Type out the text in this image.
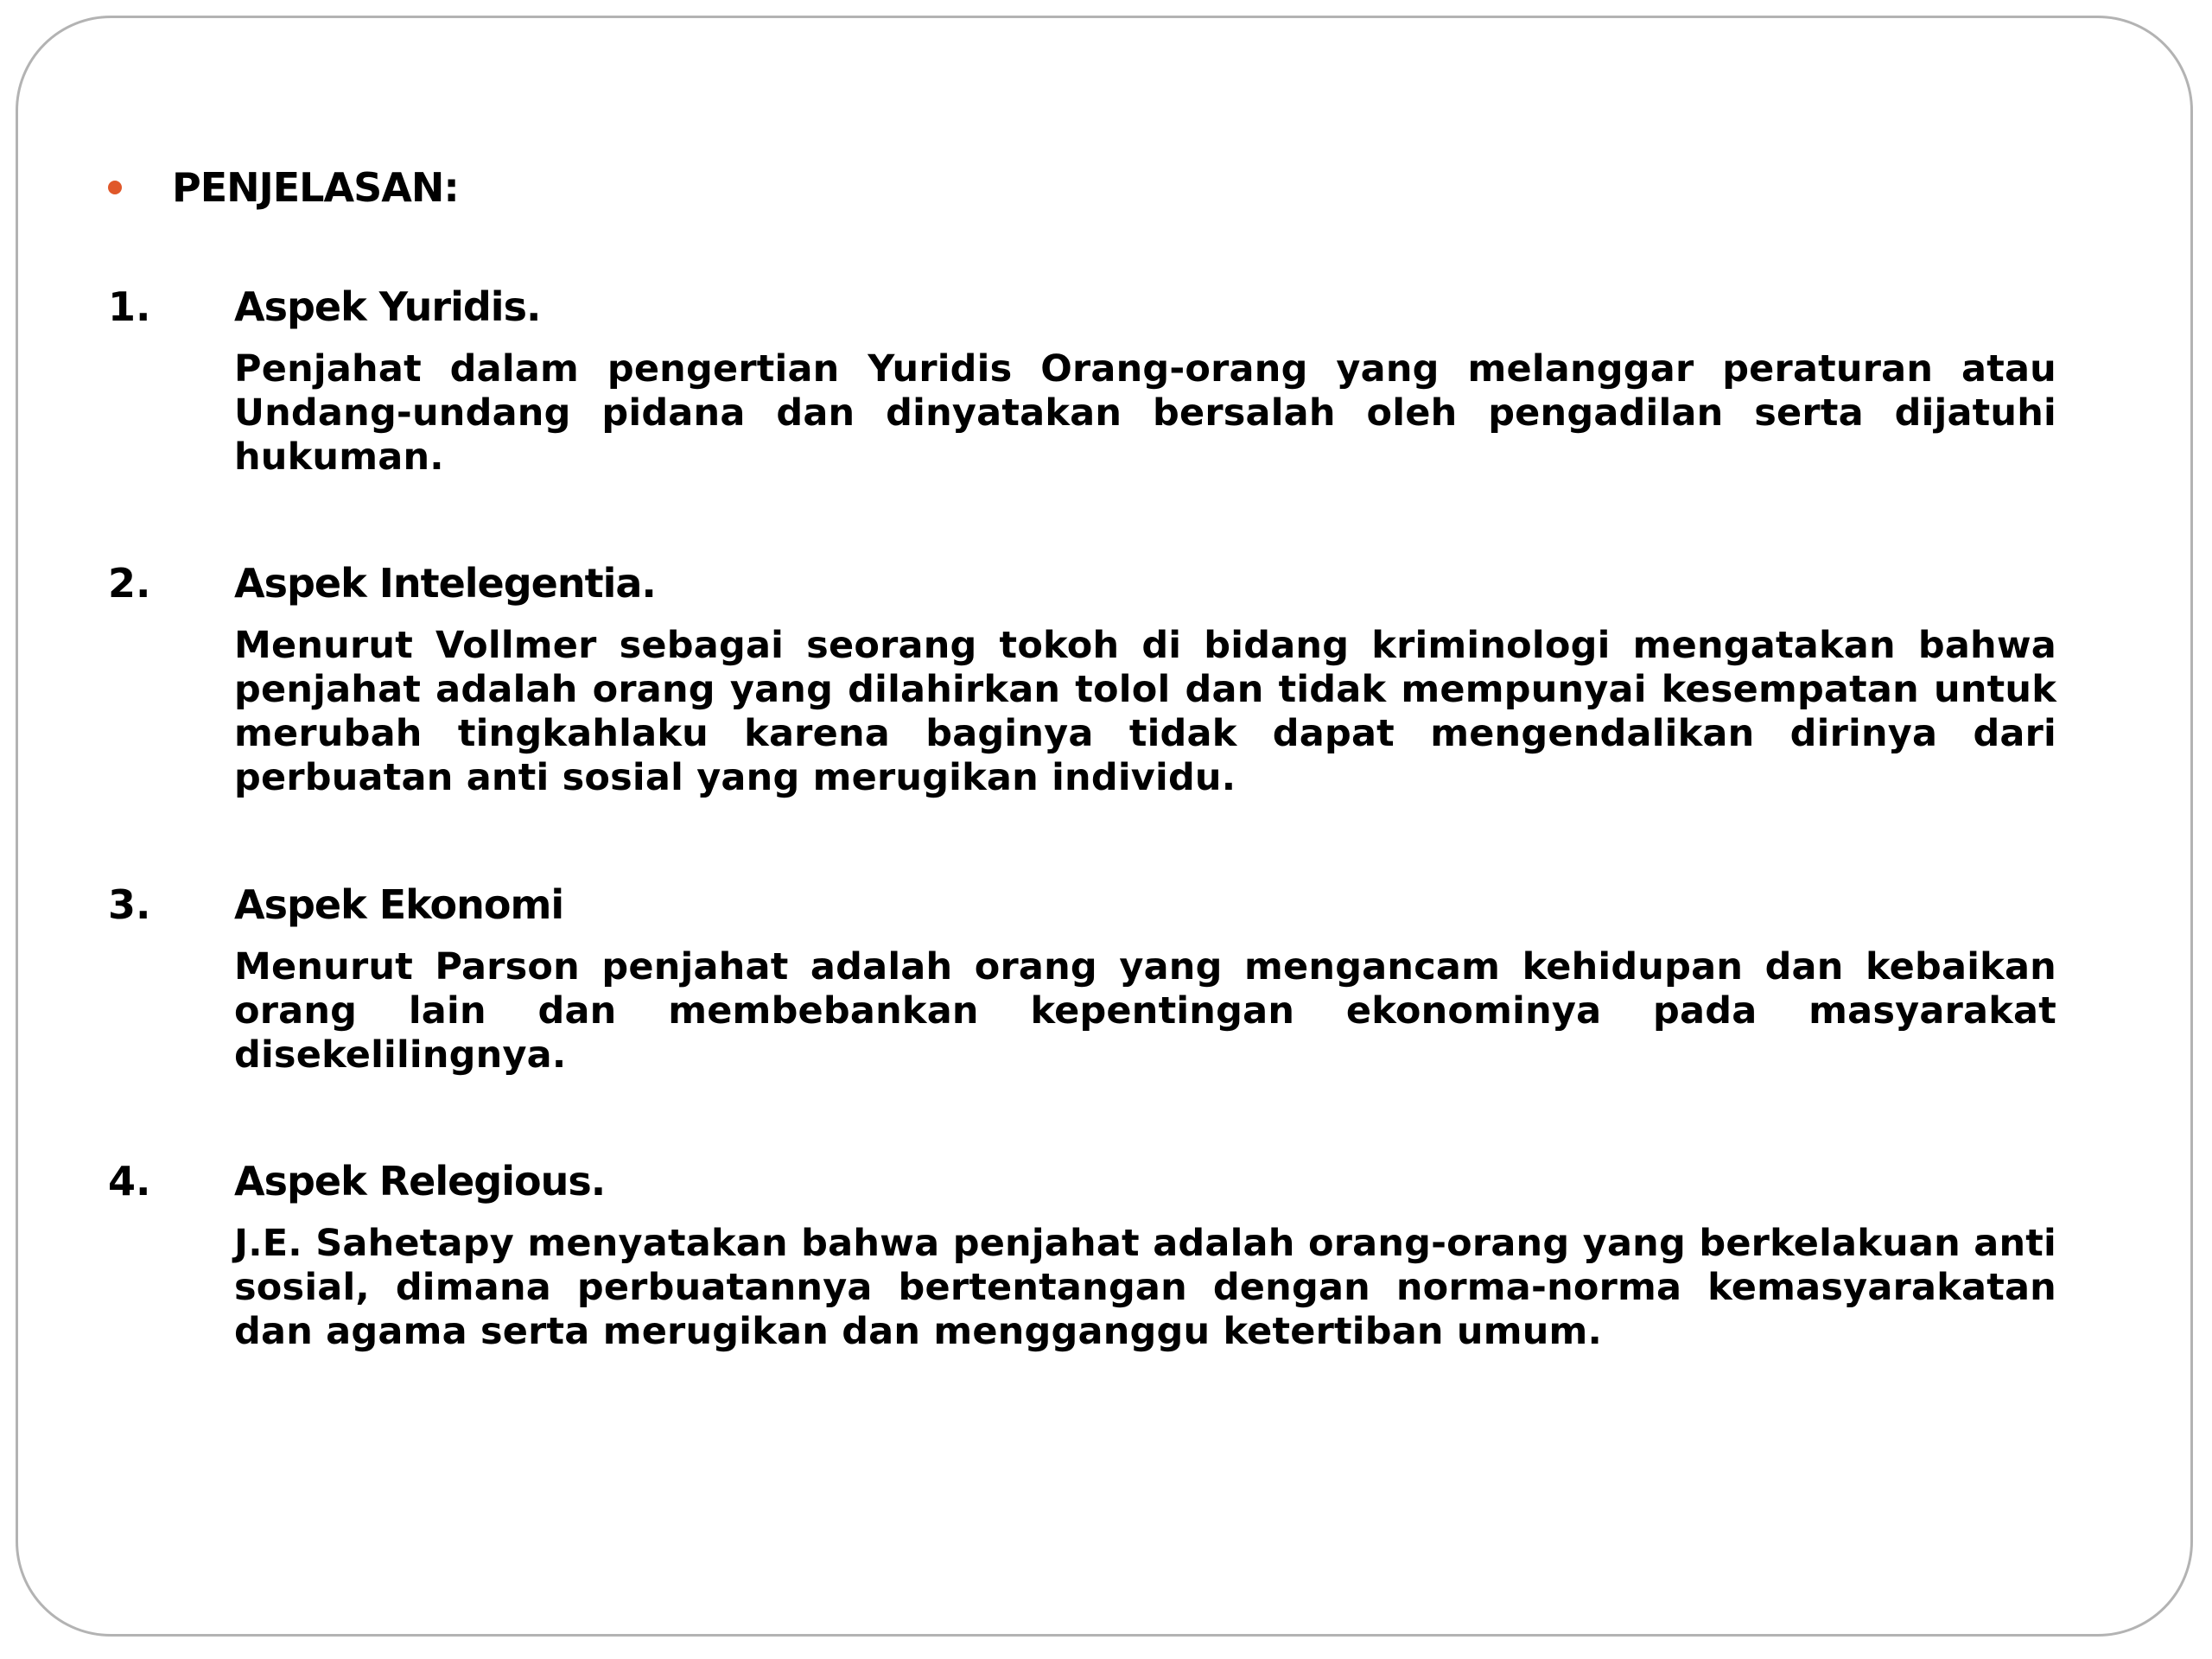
PENJELASAN:
1.	Aspek Yuridis.
Penjahat dalam pengertian Yuridis Orang-orang yang melanggar peraturan atau Undang-undang pidana dan dinyatakan bersalah oleh pengadilan serta dijatuhi hukuman.
2.	Aspek Intelegentia.
Menurut Vollmer sebagai seorang tokoh di bidang kriminologi mengatakan bahwa penjahat adalah orang yang dilahirkan tolol dan tidak mempunyai kesempatan untuk merubah tingkahlaku karena baginya tidak dapat mengendalikan dirinya dari perbuatan anti sosial yang merugikan individu.
3.	Aspek Ekonomi
Menurut Parson penjahat adalah orang yang mengancam kehidupan dan kebaikan orang lain dan membebankan kepentingan ekonominya pada masyarakat disekelilingnya.
4.	Aspek Relegious.
J.E. Sahetapy menyatakan bahwa penjahat adalah orang-orang yang berkelakuan anti sosial, dimana perbuatannya bertentangan dengan norma-norma kemasyarakatan dan agama serta merugikan dan mengganggu ketertiban umum.
